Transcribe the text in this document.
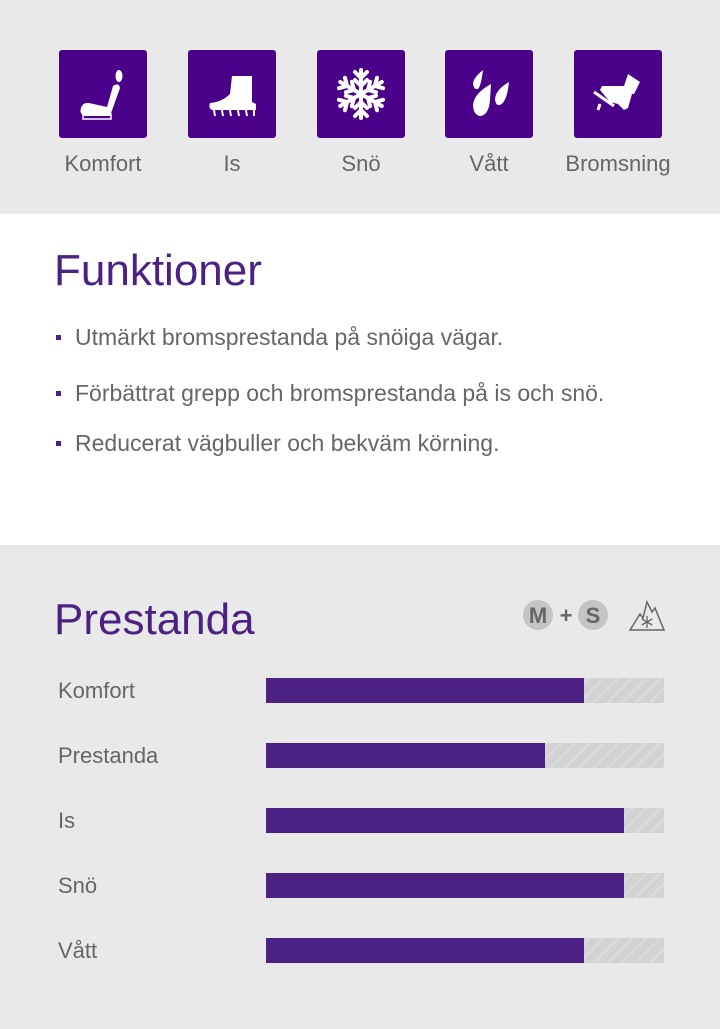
Komfort	Is	Snö	Vått	Bromsning
Funktioner
Utmärkt bromsprestanda på snöiga vägar.
Förbättrat grepp och bromsprestanda på is och snö.
Reducerat vägbuller och bekväm körning.
Prestanda	M + S
Komfort
Prestanda
Is
Snö
Vått
